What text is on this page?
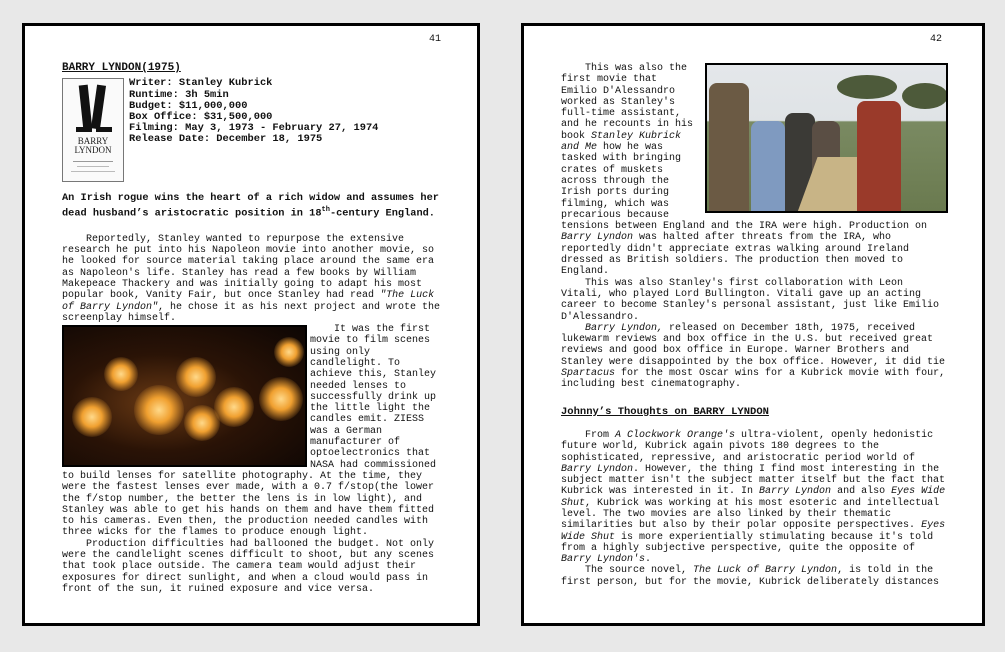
41
BARRY LYNDON(1975)
BARRY
LYNDON
Writer: Stanley Kubrick
Runtime: 3h 5min
Budget: $11,000,000
Box Office: $31,500,000
Filming: May 3, 1973 - February 27, 1974
Release Date: December 18, 1975
An Irish rogue wins the heart of a rich widow and assumes her dead husband’s aristocratic position in 18th-century England.

Reportedly, Stanley wanted to repurpose the extensive research he put into his Napoleon movie into another movie, so he looked for source material taking place around the same era as Napoleon's life. Stanley has read a few books by William Makepeace Thackery and was initially going to adapt his most popular book, Vanity Fair, but once Stanley had read "The Luck of Barry Lyndon", he chose it as his next project and wrote the screenplay himself.

It was the first movie to film scenes using only candlelight. To achieve this, Stanley needed lenses to successfully drink up the little light the candles emit. ZIESS was a German manufacturer of optoelectronics that NASA had commissioned to build lenses for satellite photography. At the time, they were the fastest lenses ever made, with a 0.7 f/stop(the lower the f/stop number, the better the lens is in low light), and Stanley was able to get his hands on them and have them fitted to his cameras. Even then, the production needed candles with three wicks for the flames to produce enough light.

Production difficulties had ballooned the budget. Not only were the candlelight scenes difficult to shoot, but any scenes that took place outside. The camera team would adjust their exposures for direct sunlight, and when a cloud would pass in front of the sun, it ruined exposure and vice versa.

42

This was also the first movie that Emilio D'Alessandro worked as Stanley's full-time assistant, and he recounts in his book Stanley Kubrick and Me how he was tasked with bringing crates of muskets across through the Irish ports during filming, which was precarious because tensions between England and the IRA were high. Production on Barry Lyndon was halted after threats from the IRA, who reportedly didn't appreciate extras walking around Ireland dressed as British soldiers. The production then moved to England.

This was also Stanley's first collaboration with Leon Vitali, who played Lord Bullington. Vitali gave up an acting career to become Stanley's personal assistant, just like Emilio D'Alessandro.

Barry Lyndon, released on December 18th, 1975, received lukewarm reviews and box office in the U.S. but received great reviews and good box office in Europe. Warner Brothers and Stanley were disappointed by the box office. However, it did tie Spartacus for the most Oscar wins for a Kubrick movie with four, including best cinematography.

Johnny’s Thoughts on BARRY LYNDON

From A Clockwork Orange's ultra-violent, openly hedonistic future world, Kubrick again pivots 180 degrees to the sophisticated, repressive, and aristocratic period world of Barry Lyndon. However, the thing I find most interesting in the subject matter isn't the subject matter itself but the fact that Kubrick was interested in it. In Barry Lyndon and also Eyes Wide Shut, Kubrick was working at his most esoteric and intellectual level. The two movies are also linked by their thematic similarities but also by their polar opposite perspectives. Eyes Wide Shut is more experientially stimulating because it's told from a highly subjective perspective, quite the opposite of Barry Lyndon's.

The source novel, The Luck of Barry Lyndon, is told in the first person, but for the movie, Kubrick deliberately distances
